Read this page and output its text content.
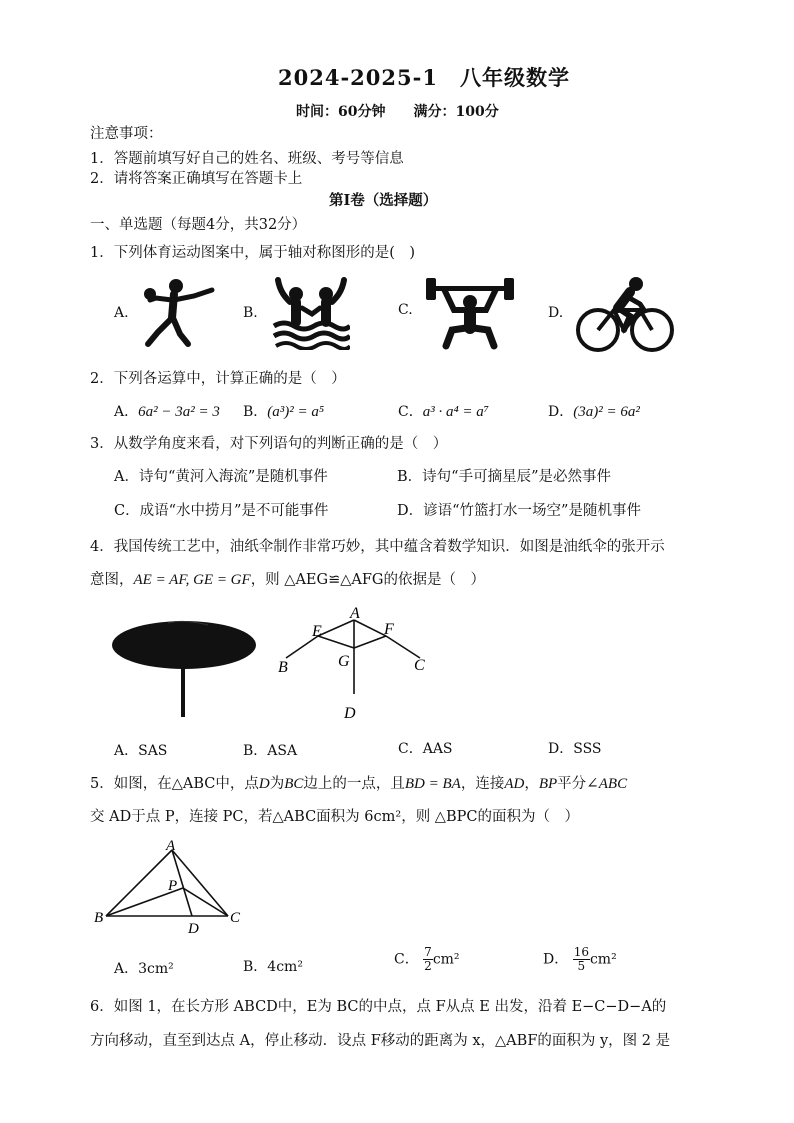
2024-2025-1　八年级数学
时间：60分钟　　满分：100分
注意事项：
1．答题前填写好自己的姓名、班级、考号等信息
2．请将答案正确填写在答题卡上
第Ⅰ卷（选择题）
一、单选题（每题4分，共32分）
1．下列体育运动图案中，属于轴对称图形的是(　)
A.	B.	C.	D.
2．下列各运算中，计算正确的是（　）
A．6a² − 3a² = 3 B．(a³)² = a⁵	C．a³ · a⁴ = a⁷	D．(3a)² = 6a²
3．从数学角度来看，对下列语句的判断正确的是（　）
A．诗句“黄河入海流”是随机事件	B．诗句“手可摘星辰”是必然事件
C．成语“水中捞月”是不可能事件	D．谚语“竹篮打水一场空”是随机事件
4．我国传统工艺中，油纸伞制作非常巧妙，其中蕴含着数学知识．如图是油纸伞的张开示
意图，AE = AF, GE = GF，则 △AEG≌△AFG的依据是（　）
A
E	F
B	G	C
D
A．SAS	B．ASA	C．AAS	D．SSS
5．如图，在△ABC中，点D为BC边上的一点，且BD = BA，连接AD，BP平分∠ABC
交 AD于点 P，连接 PC，若△ABC面积为 6cm²，则 △BPC的面积为（　）
A
P
B
D
C
A．3cm²	B．4cm²	C． $\frac{7}{2} cm^2$	D． $\frac{16}{5} cm^2$
6．如图 1，在长方形 ABCD中，E为 BC的中点，点 F从点 E 出发，沿着 E−C−D−A的
方向移动，直至到达点 A，停止移动．设点 F移动的距离为 x，△ABF的面积为 y，图 2 是
